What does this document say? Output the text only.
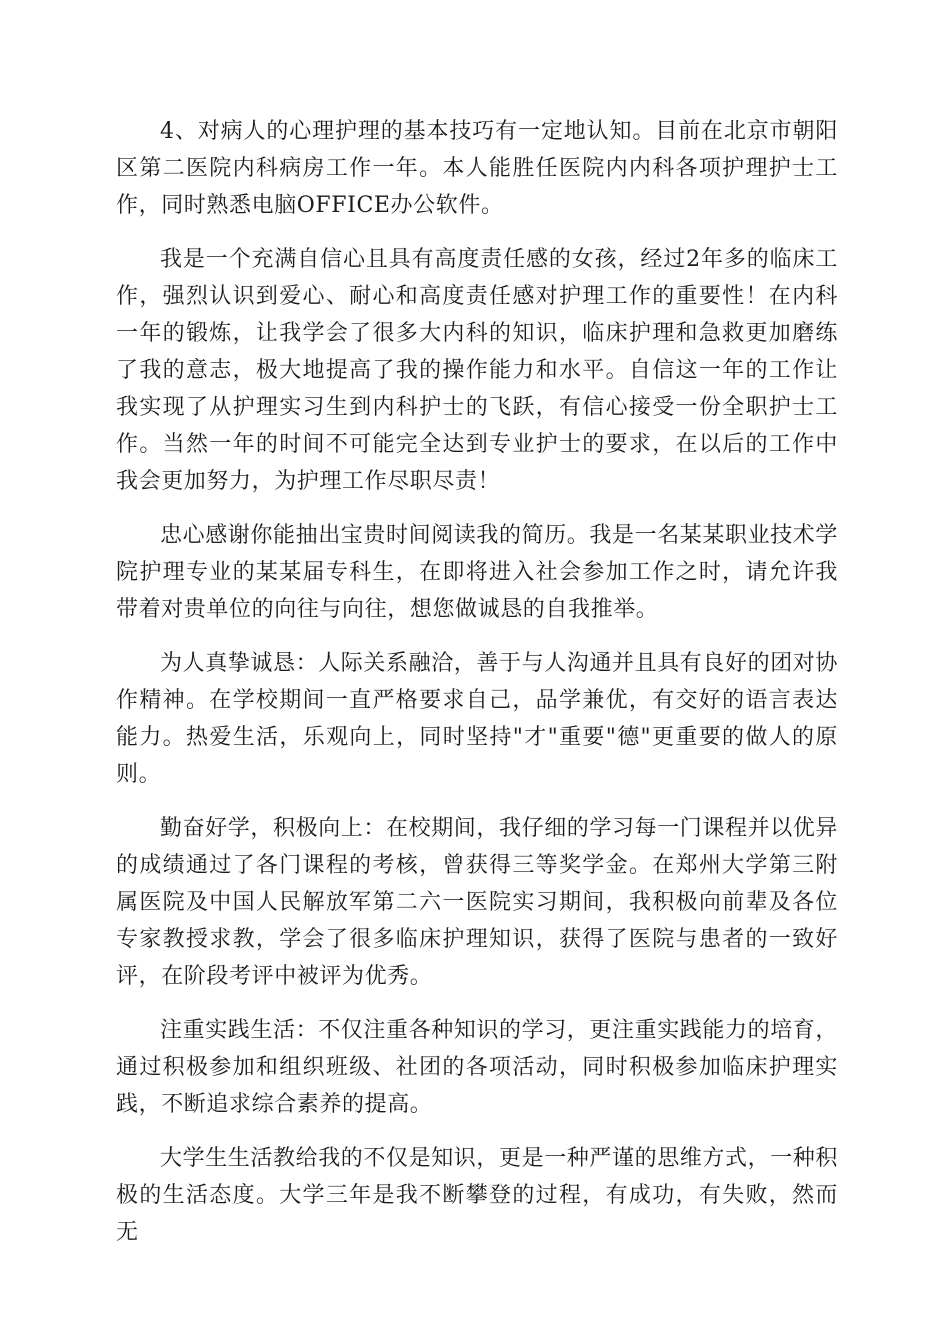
4、对病人的心理护理的基本技巧有一定地认知。目前在北京市朝阳区第二医院内科病房工作一年。本人能胜任医院内内科各项护理护士工作，同时熟悉电脑OFFICE办公软件。

我是一个充满自信心且具有高度责任感的女孩，经过2年多的临床工作，强烈认识到爱心、耐心和高度责任感对护理工作的重要性！在内科一年的锻炼，让我学会了很多大内科的知识，临床护理和急救更加磨练了我的意志，极大地提高了我的操作能力和水平。自信这一年的工作让我实现了从护理实习生到内科护士的飞跃，有信心接受一份全职护士工作。当然一年的时间不可能完全达到专业护士的要求，在以后的工作中我会更加努力，为护理工作尽职尽责！

忠心感谢你能抽出宝贵时间阅读我的简历。我是一名某某职业技术学院护理专业的某某届专科生，在即将进入社会参加工作之时，请允许我带着对贵单位的向往与向往，想您做诚恳的自我推举。

为人真挚诚恳：人际关系融洽，善于与人沟通并且具有良好的团对协作精神。在学校期间一直严格要求自己，品学兼优，有交好的语言表达能力。热爱生活，乐观向上，同时坚持"才"重要"德"更重要的做人的原则。

勤奋好学，积极向上：在校期间，我仔细的学习每一门课程并以优异的成绩通过了各门课程的考核，曾获得三等奖学金。在郑州大学第三附属医院及中国人民解放军第二六一医院实习期间，我积极向前辈及各位专家教授求教，学会了很多临床护理知识，获得了医院与患者的一致好评，在阶段考评中被评为优秀。

注重实践生活：不仅注重各种知识的学习，更注重实践能力的培育，通过积极参加和组织班级、社团的各项活动，同时积极参加临床护理实践，不断追求综合素养的提高。

大学生生活教给我的不仅是知识，更是一种严谨的思维方式，一种积极的生活态度。大学三年是我不断攀登的过程，有成功，有失败，然而无
